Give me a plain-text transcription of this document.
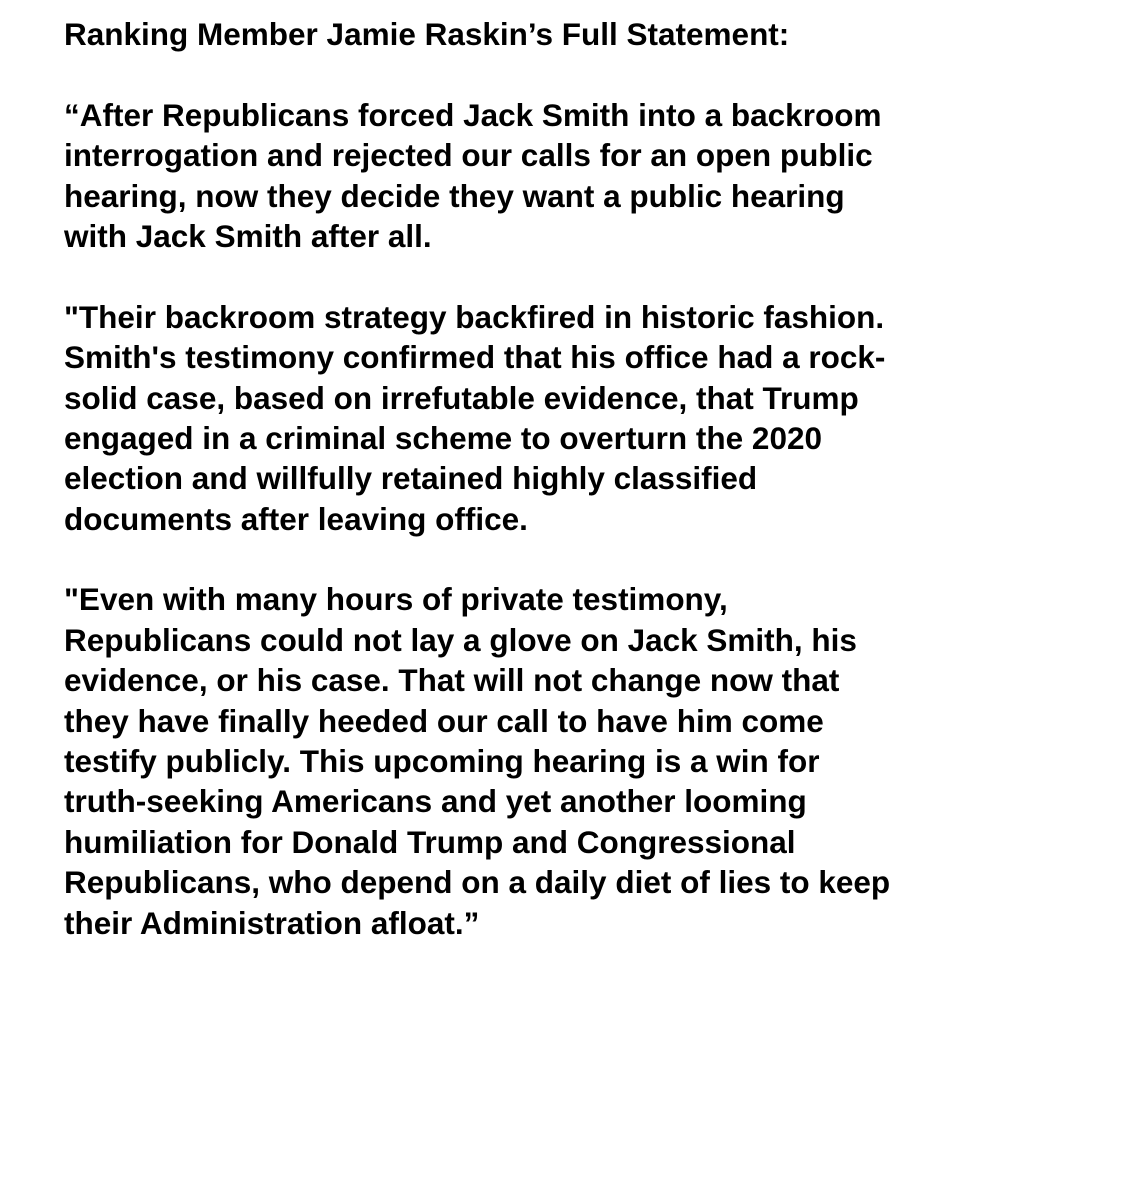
Ranking Member Jamie Raskin’s Full Statement:
“After Republicans forced Jack Smith into a backroom
interrogation and rejected our calls for an open public
hearing, now they decide they want a public hearing
with Jack Smith after all.
"Their backroom strategy backfired in historic fashion.
Smith's testimony confirmed that his office had a rock-
solid case, based on irrefutable evidence, that Trump
engaged in a criminal scheme to overturn the 2020
election and willfully retained highly classified
documents after leaving office.
"Even with many hours of private testimony,
Republicans could not lay a glove on Jack Smith, his
evidence, or his case. That will not change now that
they have finally heeded our call to have him come
testify publicly. This upcoming hearing is a win for
truth-seeking Americans and yet another looming
humiliation for Donald Trump and Congressional
Republicans, who depend on a daily diet of lies to keep
their Administration afloat.”
